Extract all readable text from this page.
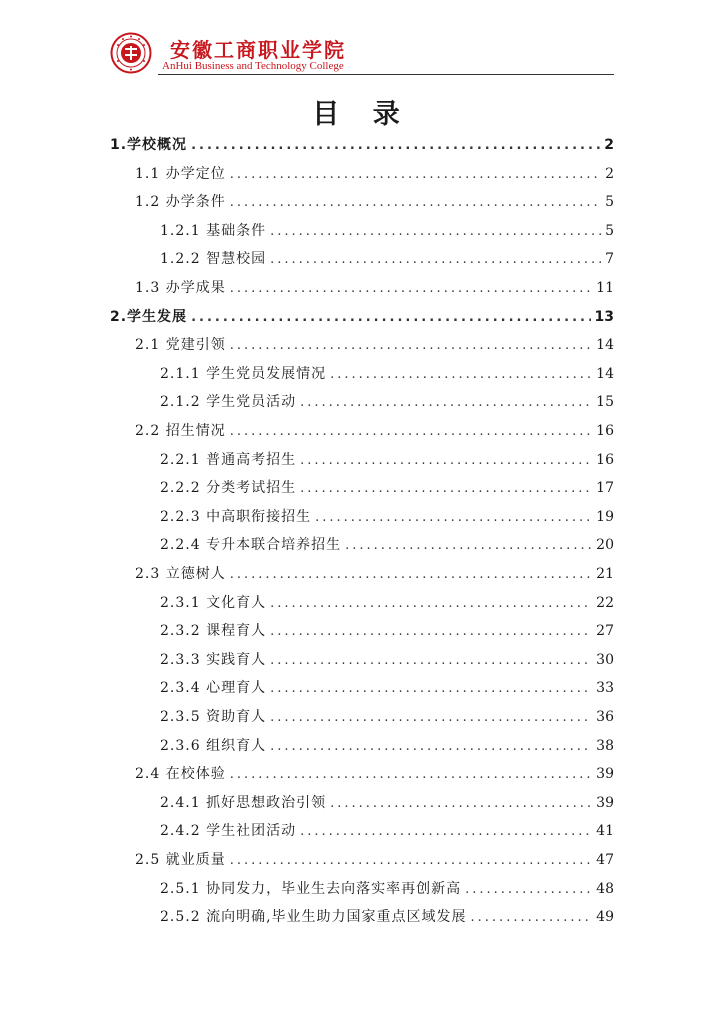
安徽工商职业学院
AnHui Business and Technology College
目 录
1.学校概况 .....	2
1.1 办学定位 .....	2
1.2 办学条件 .....	5
1.2.1 基础条件 .....	5
1.2.2 智慧校园 .....	7
1.3 办学成果 .....	11
2.学生发展 .....	13
2.1 党建引领 .....	14
2.1.1 学生党员发展情况 .....	14
2.1.2 学生党员活动 .....	15
2.2 招生情况 .....	16
2.2.1 普通高考招生 .....	16
2.2.2 分类考试招生 .....	17
2.2.3 中高职衔接招生 .....	19
2.2.4 专升本联合培养招生 .....	20
2.3 立德树人 .....	21
2.3.1 文化育人 .....	22
2.3.2 课程育人 .....	27
2.3.3 实践育人 .....	30
2.3.4 心理育人 .....	33
2.3.5 资助育人 .....	36
2.3.6 组织育人 .....	38
2.4 在校体验 .....	39
2.4.1 抓好思想政治引领 .....	39
2.4.2 学生社团活动 .....	41
2.5 就业质量 .....	47
2.5.1 协同发力，毕业生去向落实率再创新高 .....	48
2.5.2 流向明确,毕业生助力国家重点区域发展 .....	49
